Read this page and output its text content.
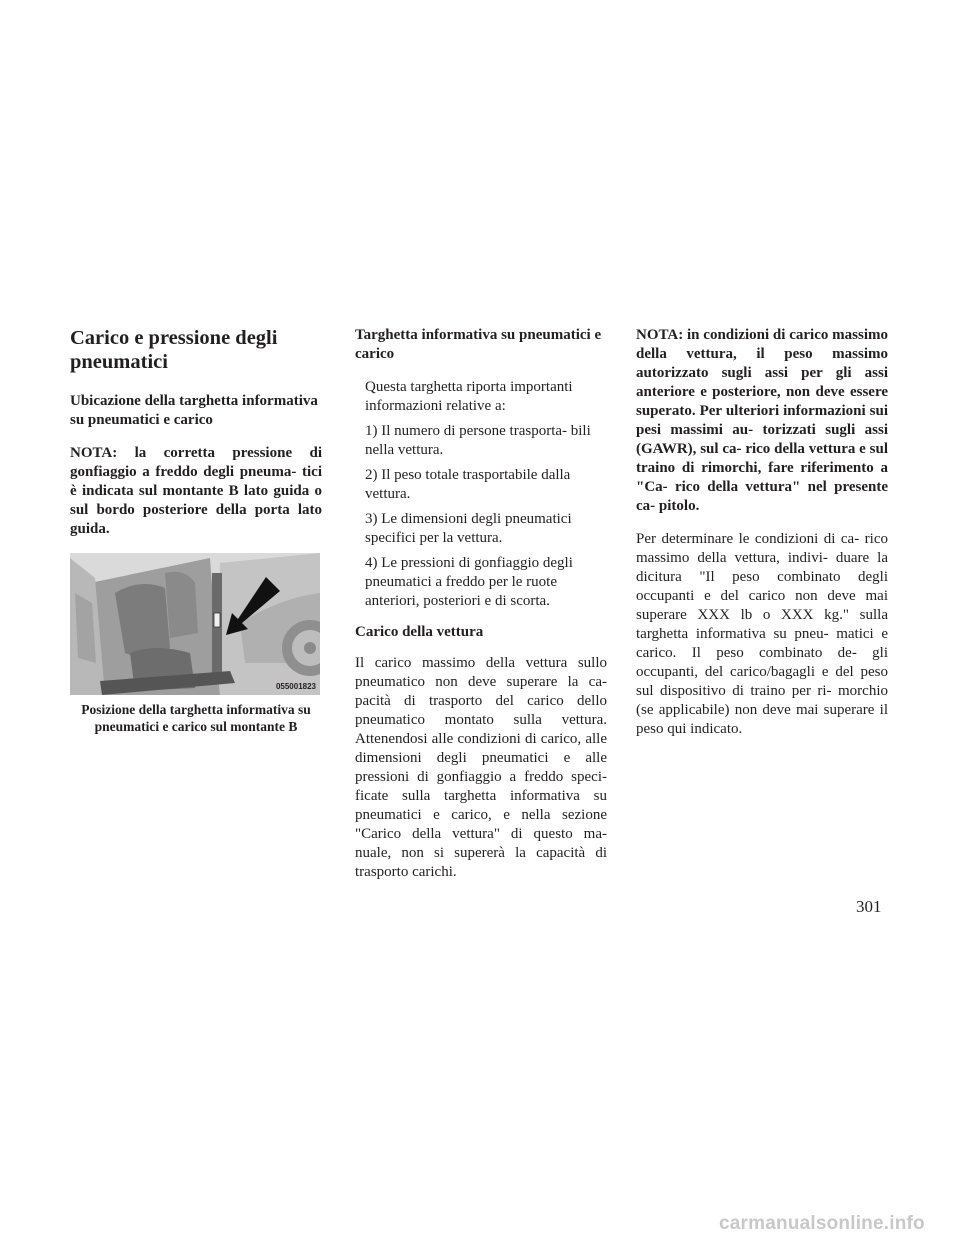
Carico e pressione degli pneumatici
Ubicazione della targhetta informativa su pneumatici e carico
NOTA: la corretta pressione di gonfiaggio a freddo degli pneuma- tici è indicata sul montante B lato guida o sul bordo posteriore della porta lato guida.
055001823
Posizione della targhetta informativa su pneumatici e carico sul montante B
Targhetta informativa su pneumatici e carico
Questa targhetta riporta importanti informazioni relative a:
1) Il numero di persone trasporta- bili nella vettura.
2) Il peso totale trasportabile dalla vettura.
3) Le dimensioni degli pneumatici specifici per la vettura.
4) Le pressioni di gonfiaggio degli pneumatici a freddo per le ruote anteriori, posteriori e di scorta.
Carico della vettura
Il carico massimo della vettura sullo pneumatico non deve superare la ca- pacità di trasporto del carico dello pneumatico montato sulla vettura. Attenendosi alle condizioni di carico, alle dimensioni degli pneumatici e alle pressioni di gonfiaggio a freddo speci- ficate sulla targhetta informativa su pneumatici e carico, e nella sezione "Carico della vettura" di questo ma- nuale, non si supererà la capacità di trasporto carichi.
NOTA: in condizioni di carico massimo della vettura, il peso massimo autorizzato sugli assi per gli assi anteriore e posteriore, non deve essere superato. Per ulteriori informazioni sui pesi massimi au- torizzati sugli assi (GAWR), sul ca- rico della vettura e sul traino di rimorchi, fare riferimento a "Ca- rico della vettura" nel presente ca- pitolo.
Per determinare le condizioni di ca- rico massimo della vettura, indivi- duare la dicitura "Il peso combinato degli occupanti e del carico non deve mai superare XXX lb o XXX kg." sulla targhetta informativa su pneu- matici e carico. Il peso combinato de- gli occupanti, del carico/bagagli e del peso sul dispositivo di traino per ri- morchio (se applicabile) non deve mai superare il peso qui indicato.
301
carmanualsonline.info
